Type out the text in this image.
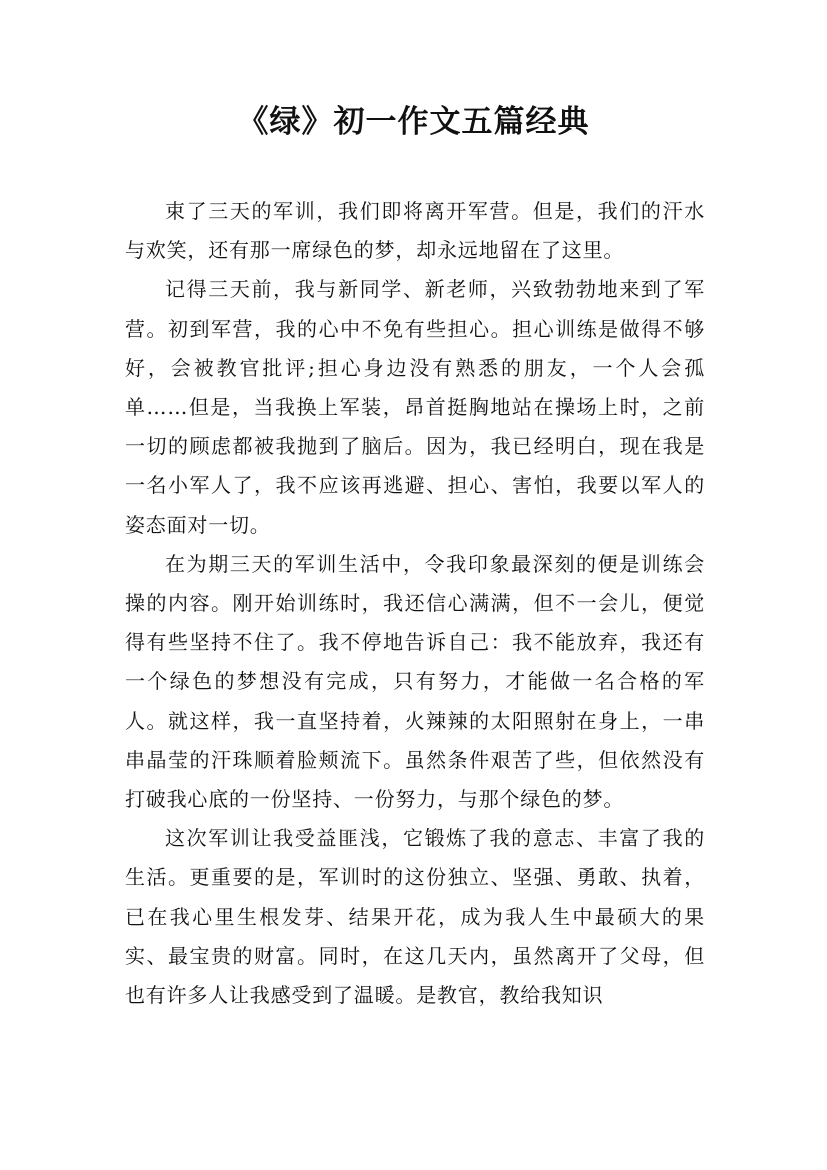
《绿》初一作文五篇经典

束了三天的军训，我们即将离开军营。但是，我们的汗水与欢笑，还有那一席绿色的梦，却永远地留在了这里。

记得三天前，我与新同学、新老师，兴致勃勃地来到了军营。初到军营，我的心中不免有些担心。担心训练是做得不够好，会被教官批评;担心身边没有熟悉的朋友，一个人会孤单……但是，当我换上军装，昂首挺胸地站在操场上时，之前一切的顾虑都被我抛到了脑后。因为，我已经明白，现在我是一名小军人了，我不应该再逃避、担心、害怕，我要以军人的姿态面对一切。

在为期三天的军训生活中，令我印象最深刻的便是训练会操的内容。刚开始训练时，我还信心满满，但不一会儿，便觉得有些坚持不住了。我不停地告诉自己：我不能放弃，我还有一个绿色的梦想没有完成，只有努力，才能做一名合格的军人。就这样，我一直坚持着，火辣辣的太阳照射在身上，一串串晶莹的汗珠顺着脸颊流下。虽然条件艰苦了些，但依然没有打破我心底的一份坚持、一份努力，与那个绿色的梦。

这次军训让我受益匪浅，它锻炼了我的意志、丰富了我的生活。更重要的是，军训时的这份独立、坚强、勇敢、执着，已在我心里生根发芽、结果开花，成为我人生中最硕大的果实、最宝贵的财富。同时，在这几天内，虽然离开了父母，但也有许多人让我感受到了温暖。是教官，教给我知识
